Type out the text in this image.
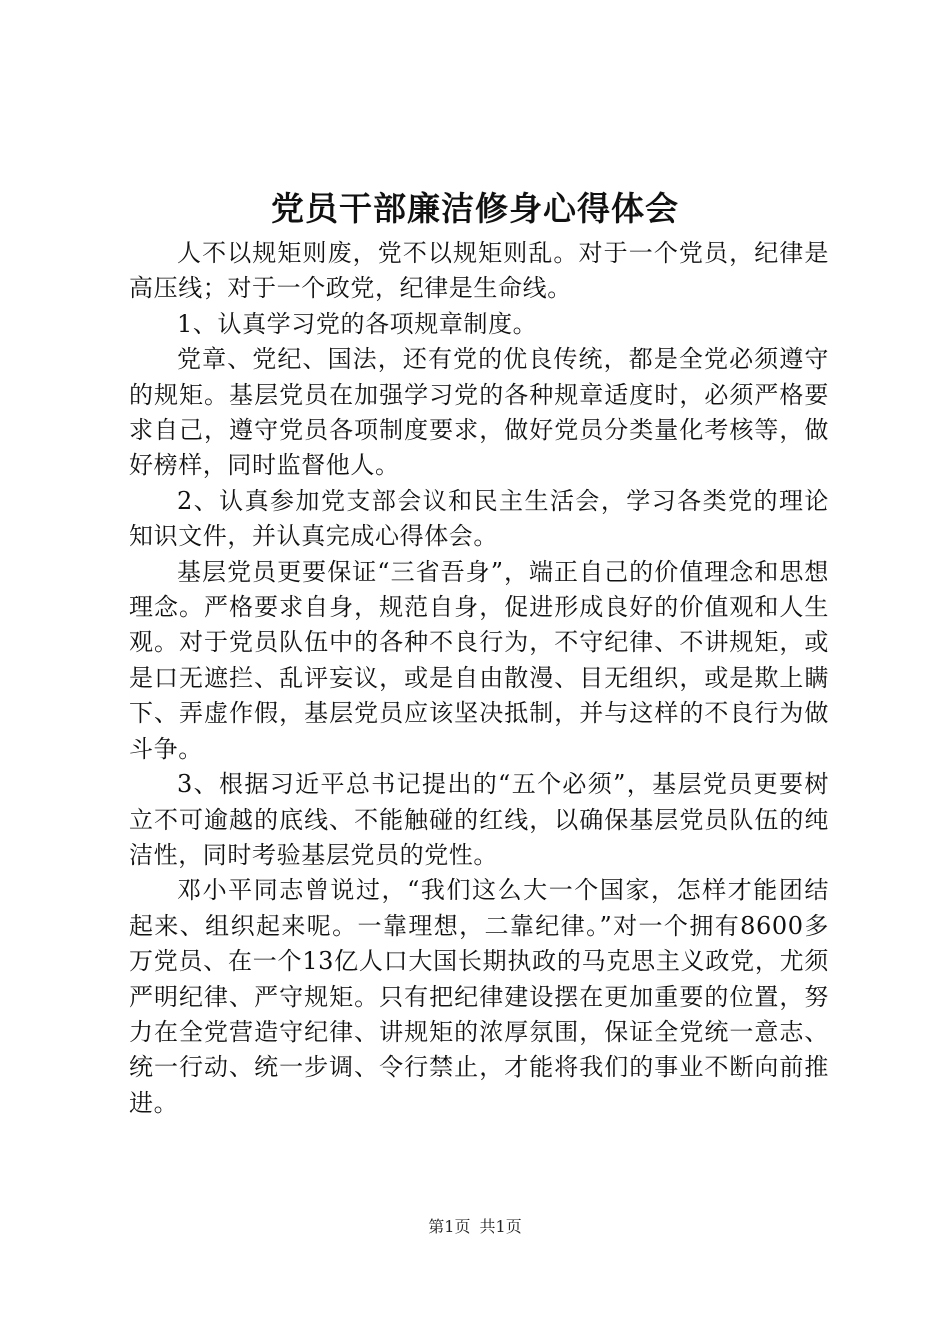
党员干部廉洁修身心得体会

人不以规矩则废，党不以规矩则乱。对于一个党员，纪律是高压线；对于一个政党，纪律是生命线。

1、认真学习党的各项规章制度。

党章、党纪、国法，还有党的优良传统，都是全党必须遵守的规矩。基层党员在加强学习党的各种规章适度时，必须严格要求自己，遵守党员各项制度要求，做好党员分类量化考核等，做好榜样，同时监督他人。

2、认真参加党支部会议和民主生活会，学习各类党的理论知识文件，并认真完成心得体会。

基层党员更要保证“三省吾身”，端正自己的价值理念和思想理念。严格要求自身，规范自身，促进形成良好的价值观和人生观。对于党员队伍中的各种不良行为，不守纪律、不讲规矩，或是口无遮拦、乱评妄议，或是自由散漫、目无组织，或是欺上瞒下、弄虚作假，基层党员应该坚决抵制，并与这样的不良行为做斗争。

3、根据习近平总书记提出的“五个必须”，基层党员更要树立不可逾越的底线、不能触碰的红线，以确保基层党员队伍的纯洁性，同时考验基层党员的党性。

邓小平同志曾说过，“我们这么大一个国家，怎样才能团结起来、组织起来呢。一靠理想，二靠纪律。”对一个拥有8600多万党员、在一个13亿人口大国长期执政的马克思主义政党，尤须严明纪律、严守规矩。只有把纪律建设摆在更加重要的位置，努力在全党营造守纪律、讲规矩的浓厚氛围，保证全党统一意志、统一行动、统一步调、令行禁止，才能将我们的事业不断向前推进。

第1页 共1页
